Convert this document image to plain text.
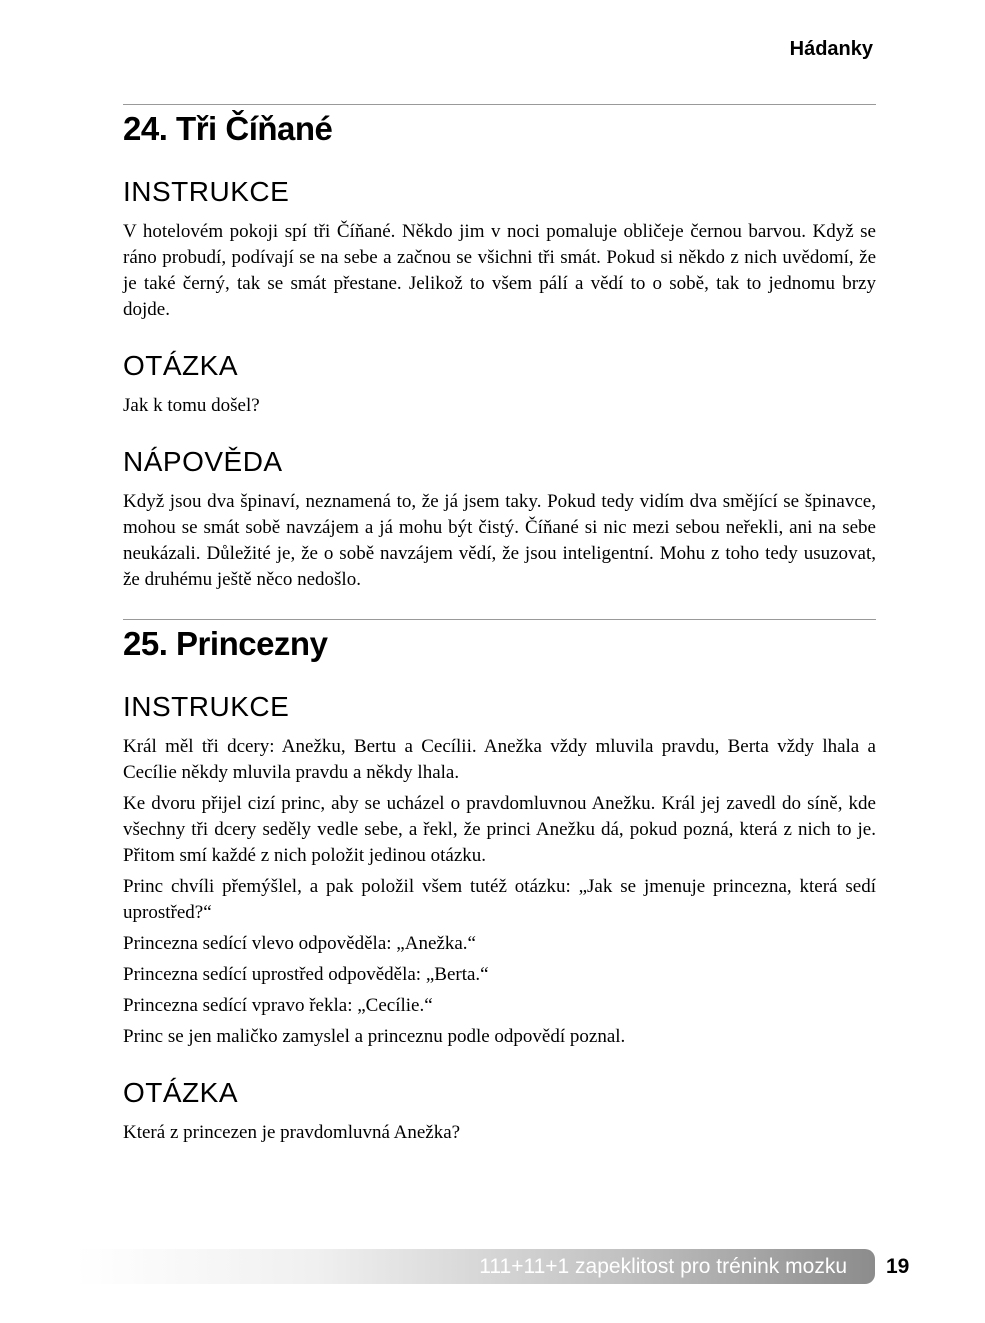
Hádanky
24. Tři Číňané
INSTRUKCE

V hotelovém pokoji spí tři Číňané. Někdo jim v noci pomaluje obličeje černou barvou. Když se ráno probudí, podívají se na sebe a začnou se všichni tři smát. Pokud si někdo z nich uvědomí, že je také černý, tak se smát přestane. Jelikož to všem pálí a vědí to o sobě, tak to jednomu brzy dojde.

OTÁZKA

Jak k tomu došel?

NÁPOVĚDA

Když jsou dva špinaví, neznamená to, že já jsem taky. Pokud tedy vidím dva smějící se špinavce, mohou se smát sobě navzájem a já mohu být čistý. Číňané si nic mezi sebou neřekli, ani na sebe neukázali. Důležité je, že o sobě navzájem vědí, že jsou inteligentní. Mohu z toho tedy usuzovat, že druhému ještě něco nedošlo.

25. Princezny
INSTRUKCE

Král měl tři dcery: Anežku, Bertu a Cecílii. Anežka vždy mluvila pravdu, Berta vždy lhala a Cecílie někdy mluvila pravdu a někdy lhala.

Ke dvoru přijel cizí princ, aby se ucházel o pravdomluvnou Anežku. Král jej zavedl do síně, kde všechny tři dcery seděly vedle sebe, a řekl, že princi Anežku dá, pokud pozná, která z nich to je. Přitom smí každé z nich položit jedinou otázku.

Princ chvíli přemýšlel, a pak položil všem tutéž otázku: „Jak se jmenuje princezna, která sedí uprostřed?“

Princezna sedící vlevo odpověděla: „Anežka.“

Princezna sedící uprostřed odpověděla: „Berta.“

Princezna sedící vpravo řekla: „Cecílie.“

Princ se jen maličko zamyslel a princeznu podle odpovědí poznal.

OTÁZKA

Která z princezen je pravdomluvná Anežka?

111+11+1 zapeklitost pro trénink mozku	19
